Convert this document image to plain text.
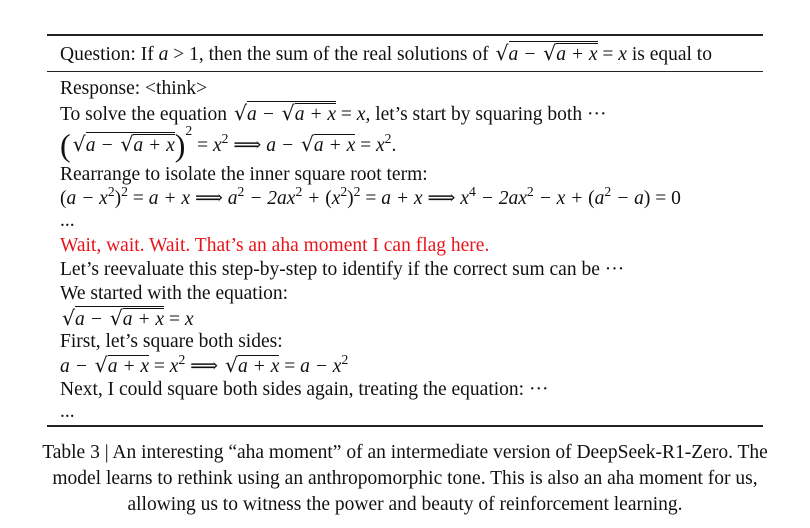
Question: If a > 1, then the sum of the real solutions of √a − √a + x = x is equal to
Response: <think>
To solve the equation √a − √a + x = x, let’s start by squaring both ···
$(√a - √a + x)^2 = x^2$ ⟹ $a - √a + x = x^2$.
Rearrange to isolate the inner square root term:
$(a - x^2)^2 = a + x$ ⟹ $a^2 - 2ax^2 + (x^2)^2 = a + x$ ⟹ $x^4 - 2ax^2 - x + (a^2 - a) = 0$
...
Wait, wait. Wait. That’s an aha moment I can flag here.
Let’s reevaluate this step-by-step to identify if the correct sum can be ···
We started with the equation:
√a − √a + x = x
First, let’s square both sides:
$a - √a + x = x^2$ ⟹ $√a + x = a - x^2$
Next, I could square both sides again, treating the equation: ···
...
Table 3 | An interesting “aha moment” of an intermediate version of DeepSeek-R1-Zero. The
model learns to rethink using an anthropomorphic tone. This is also an aha moment for us,
allowing us to witness the power and beauty of reinforcement learning.
